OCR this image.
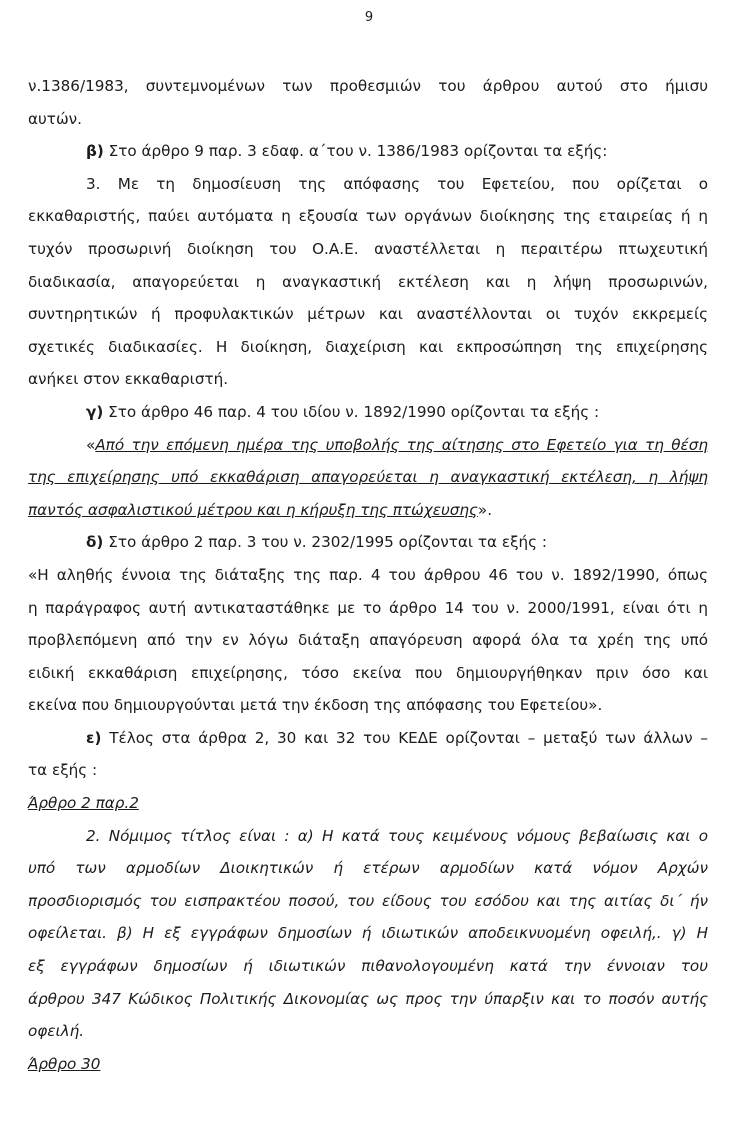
9
ν.1386/1983, συντεμνομένων των προθεσμιών του άρθρου αυτού στο ήμισυ
αυτών.
β) Στο άρθρο 9 παρ. 3 εδαφ. α΄του ν. 1386/1983 ορίζονται τα εξής:
3. Με τη δημοσίευση της απόφασης του Εφετείου, που ορίζεται ο
εκκαθαριστής, παύει αυτόματα η εξουσία των οργάνων διοίκησης της εταιρείας ή η
τυχόν προσωρινή διοίκηση του Ο.Α.Ε. αναστέλλεται η περαιτέρω πτωχευτική
διαδικασία, απαγορεύεται η αναγκαστική εκτέλεση και η λήψη προσωρινών,
συντηρητικών ή προφυλακτικών μέτρων και αναστέλλονται οι τυχόν εκκρεμείς
σχετικές διαδικασίες. Η διοίκηση, διαχείριση και εκπροσώπηση της επιχείρησης
ανήκει στον εκκαθαριστή.
γ) Στο άρθρο 46 παρ. 4 του ιδίου ν. 1892/1990 ορίζονται τα εξής :
«Από την επόμενη ημέρα της υποβολής της αίτησης στο Εφετείο για τη θέση
της επιχείρησης υπό εκκαθάριση απαγορεύεται η αναγκαστική εκτέλεση, η λήψη
παντός ασφαλιστικού μέτρου και η κήρυξη της πτώχευσης».
δ) Στο άρθρο 2 παρ. 3 του ν. 2302/1995 ορίζονται τα εξής :
«Η αληθής έννοια της διάταξης της παρ. 4 του άρθρου 46 του ν. 1892/1990, όπως
η παράγραφος αυτή αντικαταστάθηκε με το άρθρο 14 του ν. 2000/1991, είναι ότι η
προβλεπόμενη από την εν λόγω διάταξη απαγόρευση αφορά όλα τα χρέη της υπό
ειδική εκκαθάριση επιχείρησης, τόσο εκείνα που δημιουργήθηκαν πριν όσο και
εκείνα που δημιουργούνται μετά την έκδοση της απόφασης του Εφετείου».
ε) Τέλος στα άρθρα 2, 30 και 32 του ΚΕΔΕ ορίζονται – μεταξύ των άλλων –
τα εξής :
Άρθρο 2 παρ.2
2. Νόμιμος τίτλος είναι : α) Η κατά τους κειμένους νόμους βεβαίωσις και ο
υπό των αρμοδίων Διοικητικών ή ετέρων αρμοδίων κατά νόμον Αρχών
προσδιορισμός του εισπρακτέου ποσού, του είδους του εσόδου και της αιτίας δι΄ ήν
οφείλεται. β) Η εξ εγγράφων δημοσίων ή ιδιωτικών αποδεικνυομένη οφειλή,. γ) Η
εξ εγγράφων δημοσίων ή ιδιωτικών πιθανολογουμένη κατά την έννοιαν του
άρθρου 347 Κώδικος Πολιτικής Δικονομίας ως προς την ύπαρξιν και το ποσόν αυτής
οφειλή.
Άρθρο 30
